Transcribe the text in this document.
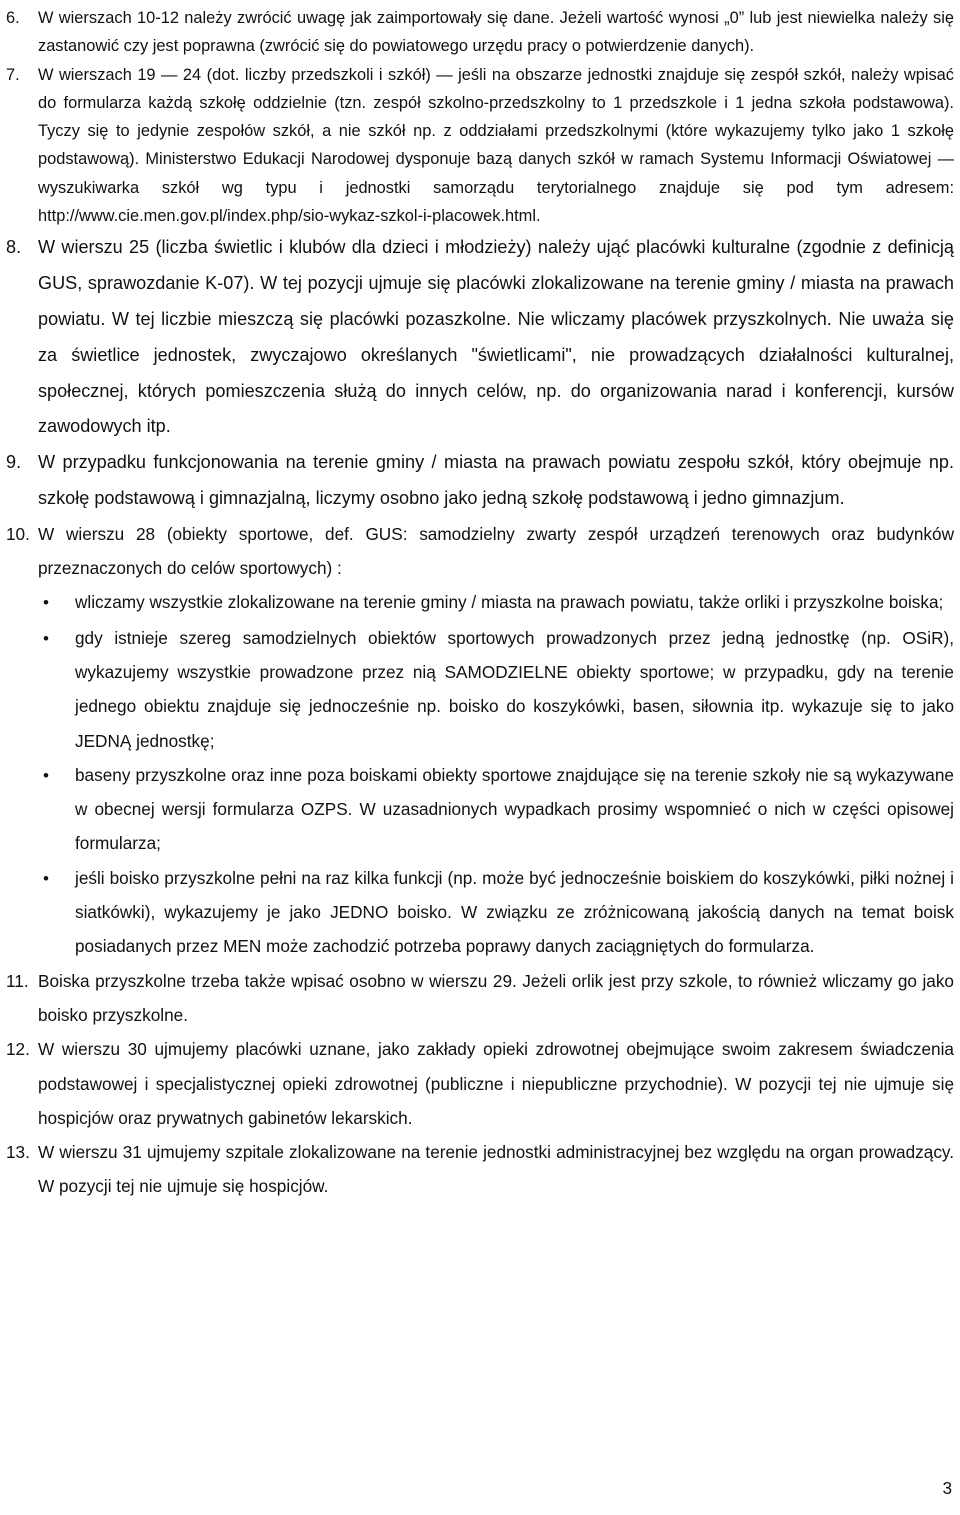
6.	W wierszach 10-12 należy zwrócić uwagę jak zaimportowały się dane. Jeżeli wartość wynosi „0” lub jest niewielka należy się zastanowić czy jest poprawna (zwrócić się do powiatowego urzędu pracy o potwierdzenie danych).
7.	W wierszach 19 ― 24 (dot. liczby przedszkoli i szkół) ― jeśli na obszarze jednostki znajduje się zespół szkół, należy wpisać do formularza każdą szkołę oddzielnie (tzn. zespół szkolno-przedszkolny to 1 przedszkole i 1 jedna szkoła podstawowa). Tyczy się to jedynie zespołów szkół, a nie szkół np. z oddziałami przedszkolnymi (które wykazujemy tylko jako 1 szkołę podstawową). Ministerstwo Edukacji Narodowej dysponuje bazą danych szkół w ramach Systemu Informacji Oświatowej ― wyszukiwarka szkół wg typu i jednostki samorządu terytorialnego znajduje się pod tym adresem: http://www.cie.men.gov.pl/index.php/sio-wykaz-szkol-i-placowek.html.
8. W wierszu 25 (liczba świetlic i klubów dla dzieci i młodzieży) należy ująć placówki kulturalne (zgodnie z definicją GUS, sprawozdanie K-07). W tej pozycji ujmuje się placówki zlokalizowane na terenie gminy / miasta na prawach powiatu. W tej liczbie mieszczą się placówki pozaszkolne. Nie wliczamy placówek przyszkolnych. Nie uważa się za świetlice jednostek, zwyczajowo określanych "świetlicami", nie prowadzących działalności kulturalnej, społecznej, których pomieszczenia służą do innych celów, np. do organizowania narad i konferencji, kursów zawodowych itp.
9. W przypadku funkcjonowania na terenie gminy / miasta na prawach powiatu zespołu szkół, który obejmuje np. szkołę podstawową i gimnazjalną, liczymy osobno jako jedną szkołę podstawową i jedno gimnazjum.
10. W wierszu 28 (obiekty sportowe, def. GUS: samodzielny zwarty zespół urządzeń terenowych oraz budynków przeznaczonych do celów sportowych) :
•
wliczamy wszystkie zlokalizowane na terenie gminy / miasta na prawach powiatu, także orliki i przyszkolne boiska;
•
gdy istnieje szereg samodzielnych obiektów sportowych prowadzonych przez jedną jednostkę (np. OSiR), wykazujemy wszystkie prowadzone przez nią SAMODZIELNE obiekty sportowe; w przypadku, gdy na terenie jednego obiektu znajduje się jednocześnie np. boisko do koszykówki, basen, siłownia itp. wykazuje się to jako JEDNĄ jednostkę;
•
baseny przyszkolne oraz inne poza boiskami obiekty sportowe znajdujące się na terenie szkoły nie są wykazywane w obecnej wersji formularza OZPS. W uzasadnionych wypadkach prosimy wspomnieć o nich w części opisowej formularza;
•
jeśli boisko przyszkolne pełni na raz kilka funkcji (np. może być jednocześnie boiskiem do koszykówki, piłki nożnej i siatkówki), wykazujemy je jako JEDNO boisko. W związku ze zróżnicowaną jakością danych na temat boisk posiadanych przez MEN może zachodzić potrzeba poprawy danych zaciągniętych do formularza.
11. Boiska przyszkolne trzeba także wpisać osobno w wierszu 29. Jeżeli orlik jest przy szkole, to również wliczamy go jako boisko przyszkolne.
12. W wierszu 30 ujmujemy placówki uznane, jako zakłady opieki zdrowotnej obejmujące swoim zakresem świadczenia podstawowej i specjalistycznej opieki zdrowotnej (publiczne i niepubliczne przychodnie). W pozycji tej nie ujmuje się hospicjów oraz prywatnych gabinetów lekarskich.
13. W wierszu 31 ujmujemy szpitale zlokalizowane na terenie jednostki administracyjnej bez względu na organ prowadzący. W pozycji tej nie ujmuje się hospicjów.
3
